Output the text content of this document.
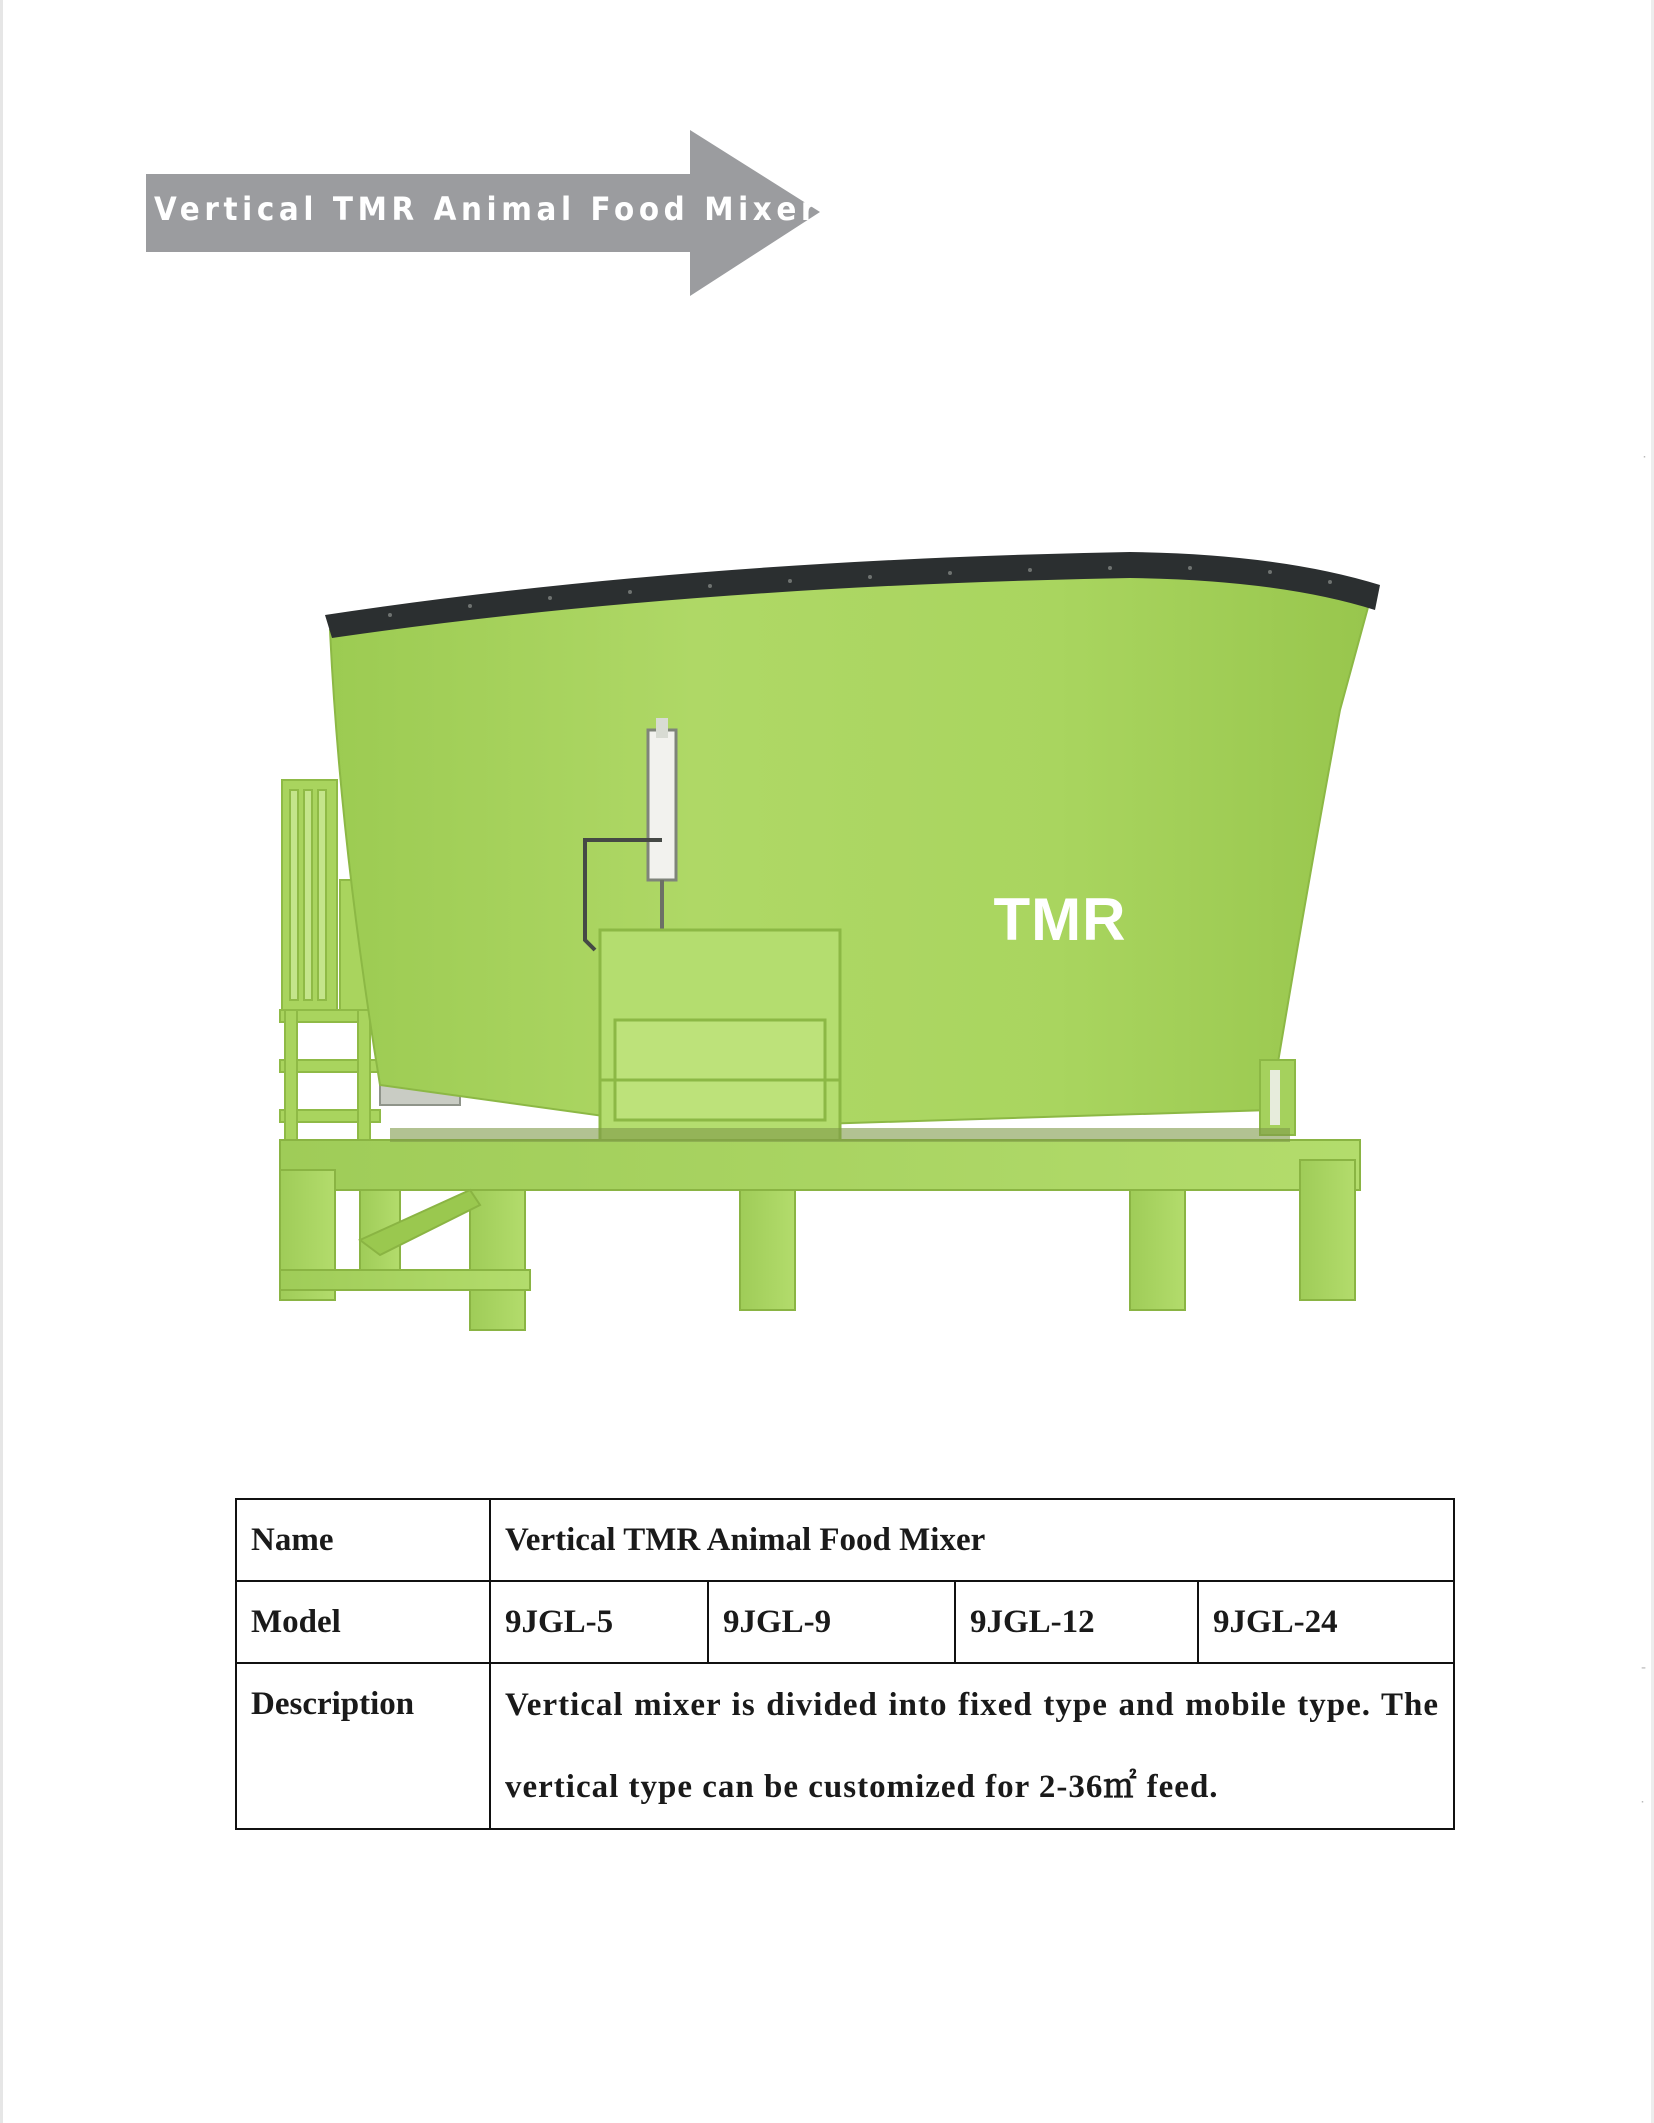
˙
‐
˙
Vertical TMR Animal Food Mixer
TMR
Name	Vertical TMR Animal Food Mixer			
Model	9JGL-5	9JGL-9	9JGL-12	9JGL-24
Description	Vertical mixer is divided into fixed type and mobile type. The vertical type can be customized for 2-36㎡ feed.			
